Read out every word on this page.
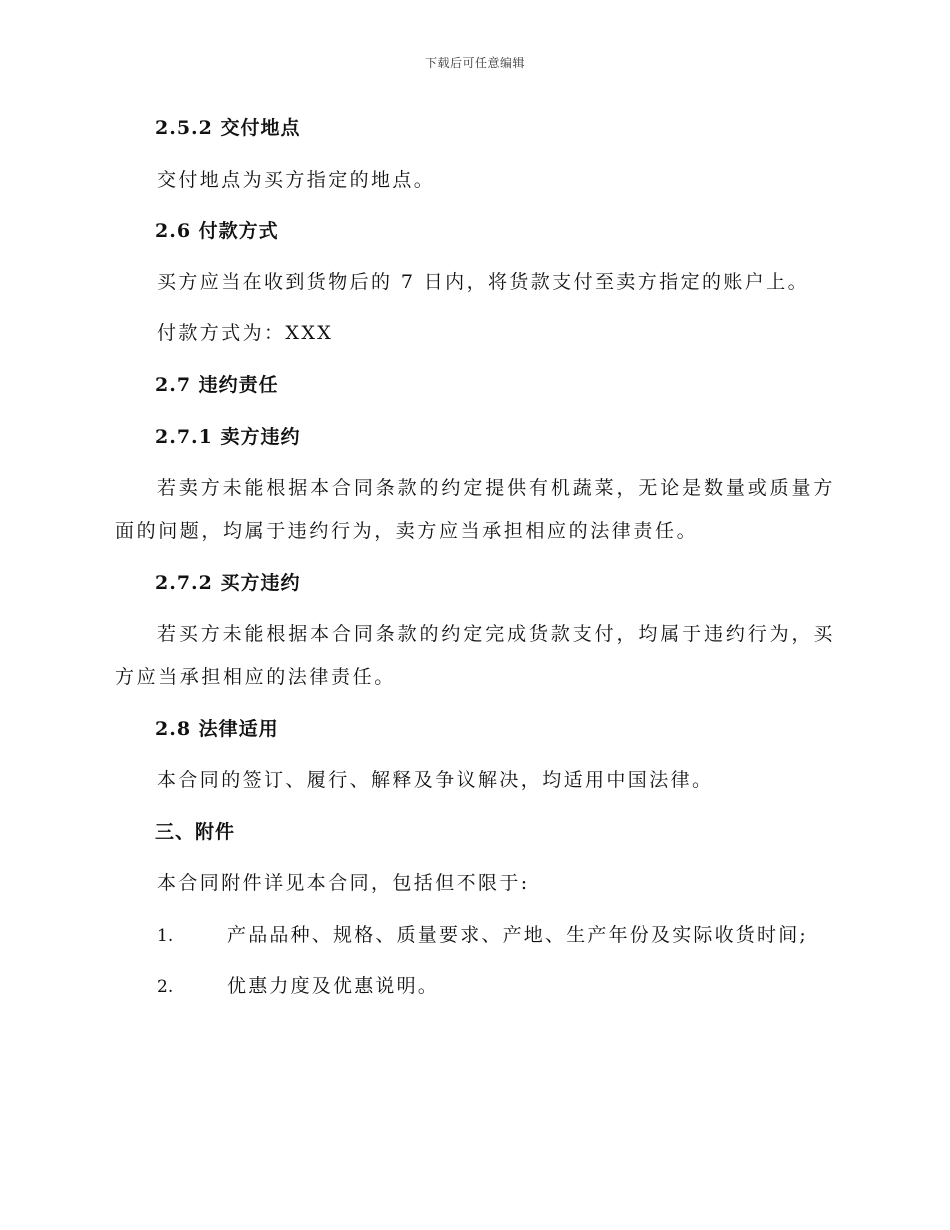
下载后可任意编辑
2.5.2 交付地点
交付地点为买方指定的地点。
2.6 付款方式
买方应当在收到货物后的 7 日内，将货款支付至卖方指定的账户上。
付款方式为：XXX
2.7 违约责任
2.7.1 卖方违约
若卖方未能根据本合同条款的约定提供有机蔬菜，无论是数量或质量方面的问题，均属于违约行为，卖方应当承担相应的法律责任。
2.7.2 买方违约
若买方未能根据本合同条款的约定完成货款支付，均属于违约行为，买方应当承担相应的法律责任。
2.8 法律适用
本合同的签订、履行、解释及争议解决，均适用中国法律。
三、附件
本合同附件详见本合同，包括但不限于:
1.	产品品种、规格、质量要求、产地、生产年份及实际收货时间;
2.	优惠力度及优惠说明。
